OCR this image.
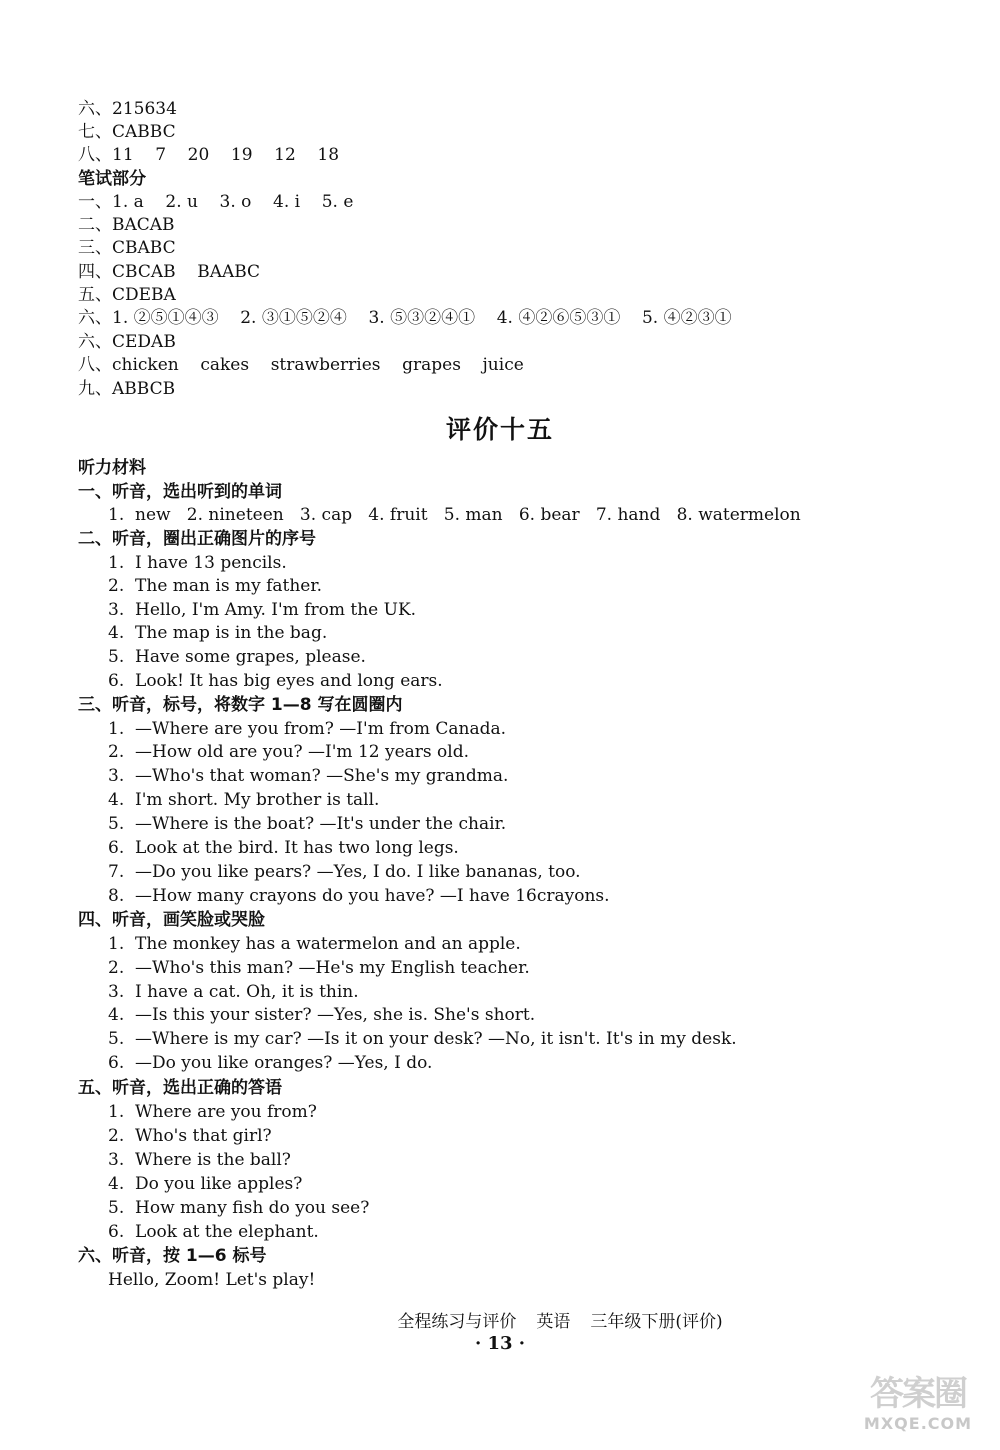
六、215634
七、CABBC
八、11    7    20    19    12    18
笔试部分
一、1. a    2. u    3. o    4. i    5. e
二、BACAB
三、CBABC
四、CBCAB    BAABC
五、CDEBA
六、1. ②⑤①④③    2. ③①⑤②④    3. ⑤③②④①    4. ④②⑥⑤③①    5. ④②③①
六、CEDAB
八、chicken    cakes    strawberries    grapes    juice
九、ABBCB
评价十五
听力材料
一、听音，选出听到的单词
1.  new   2. nineteen   3. cap   4. fruit   5. man   6. bear   7. hand   8. watermelon
二、听音，圈出正确图片的序号
1.  I have 13 pencils.
2.  The man is my father.
3.  Hello, I'm Amy. I'm from the UK.
4.  The map is in the bag.
5.  Have some grapes, please.
6.  Look! It has big eyes and long ears.
三、听音，标号，将数字 1—8 写在圆圈内
1.  —Where are you from? —I'm from Canada.
2.  —How old are you? —I'm 12 years old.
3.  —Who's that woman? —She's my grandma.
4.  I'm short. My brother is tall.
5.  —Where is the boat? —It's under the chair.
6.  Look at the bird. It has two long legs.
7.  —Do you like pears? —Yes, I do. I like bananas, too.
8.  —How many crayons do you have? —I have 16crayons.
四、听音，画笑脸或哭脸
1.  The monkey has a watermelon and an apple.
2.  —Who's this man? —He's my English teacher.
3.  I have a cat. Oh, it is thin.
4.  —Is this your sister? —Yes, she is. She's short.
5.  —Where is my car? —Is it on your desk? —No, it isn't. It's in my desk.
6.  —Do you like oranges? —Yes, I do.
五、听音，选出正确的答语
1.  Where are you from?
2.  Who's that girl?
3.  Where is the ball?
4.  Do you like apples?
5.  How many fish do you see?
6.  Look at the elephant.
六、听音，按 1—6 标号
Hello, Zoom! Let's play!
全程练习与评价 英语 三年级下册(评价)
· 13 ·
答案圈
MXQE.COM
